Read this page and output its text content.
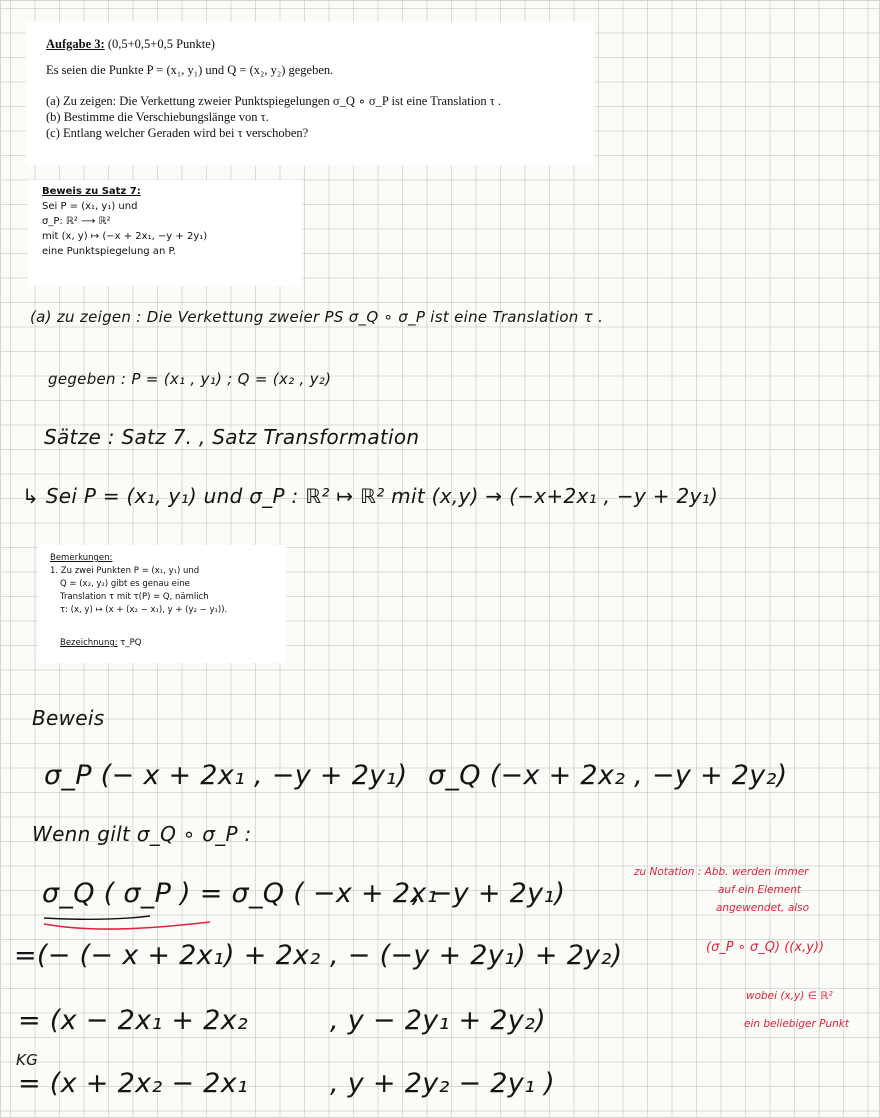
Aufgabe 3: (0,5+0,5+0,5 Punkte)
Es seien die Punkte P = (x₁, y₁) und Q = (x₂, y₂) gegeben.
(a) Zu zeigen: Die Verkettung zweier Punktspiegelungen σ_Q ∘ σ_P ist eine Translation τ .
(b) Bestimme die Verschiebungslänge von τ.
(c) Entlang welcher Geraden wird bei τ verschoben?
Beweis zu Satz 7:
Sei P = (x₁, y₁) und
σ_P: ℝ² ⟶ ℝ²
mit (x, y) ↦ (−x + 2x₁, −y + 2y₁)
eine Punktspiegelung an P.
Bemerkungen:
1. Zu zwei Punkten P = (x₁, y₁) und
Q = (x₂, y₂) gibt es genau eine
Translation τ mit τ(P) = Q, nämlich
τ: (x, y) ↦ (x + (x₂ − x₁), y + (y₂ − y₁)).
Bezeichnung: τ_PQ
(a) zu zeigen : Die Verkettung zweier PS σ_Q ∘ σ_P ist eine Translation τ .
gegeben : P = (x₁ , y₁) ; Q = (x₂ , y₂)
Sätze : Satz 7. , Satz Transformation
↳ Sei P = (x₁, y₁) und σ_P : ℝ² ↦ ℝ² mit (x,y) → (−x+2x₁ , −y + 2y₁)
Beweis
σ_P (− x + 2x₁ , −y + 2y₁) σ_Q (−x + 2x₂ , −y + 2y₂)
Wenn gilt σ_Q ∘ σ_P :
σ_Q ( σ_P ) = σ_Q ( −x + 2x₁
, −y + 2y₁)
=(− (− x + 2x₁) + 2x₂ , − (−y + 2y₁) + 2y₂)
= (x − 2x₁ + 2x₂	, y − 2y₁ + 2y₂)
KG
= (x + 2x₂ − 2x₁	, y + 2y₂ − 2y₁ )
zu Notation : Abb. werden immer
auf ein Element
angewendet, also
(σ_P ∘ σ_Q) ((x,y))
wobei (x,y) ∈ ℝ²
ein beliebiger Punkt
